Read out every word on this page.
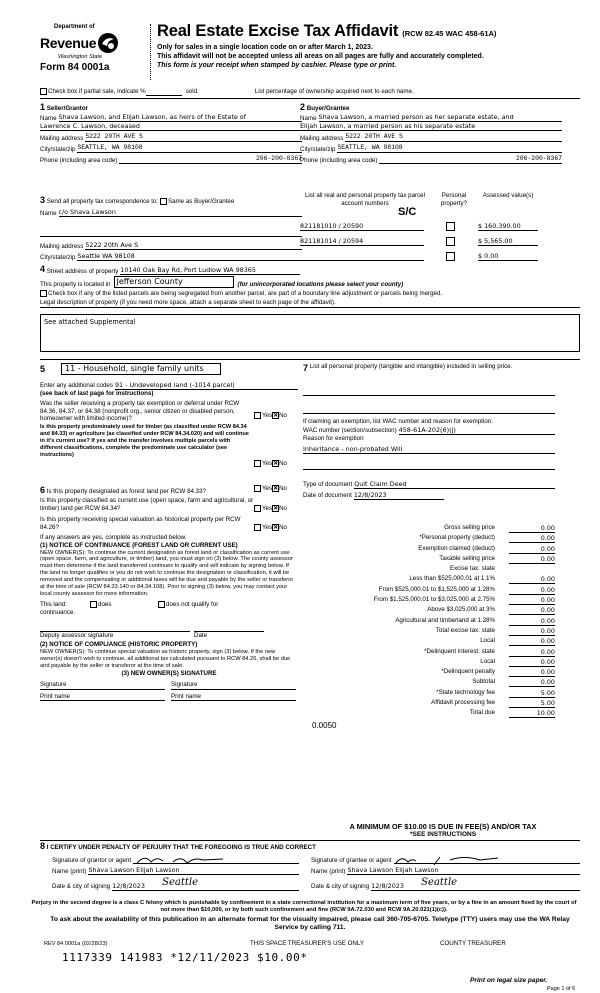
Department of
Revenue
Washington State
Form 84 0001a
Real Estate Excise Tax Affidavit (RCW 82.45 WAC 458-61A)
Only for sales in a single location code on or after March 1, 2023.
This affidavit will not be accepted unless all areas on all pages are fully and accurately completed.
This form is your receipt when stamped by cashier. Please type or print.
Check box if partial sale, indicate %	sold.	List percentage of ownership acquired next to each name.
1 Seller/Grantor
Name Shava Lawson, and Elijah Lawson, as heirs of the Estate of
Lawrence C. Lawson, deceased
Mailing address 5222 20TH AVE S
City/state/zip SEATTLE, WA 98108
Phone (including area code)	206-200-8367
2 Buyer/Grantee
Name Shava Lawson, a married person as her separate estate, and
Elijah Lawson, a married person as his separate estate
Mailing address 5222 20TH AVE S
City/state/zip SEATTLE, WA 98108
Phone (including area code)	206-200-8367
3 Send all property tax correspondence to: Same as Buyer/Grantee
Name c/o Shava Lawson
Mailing address 5222 20th Ave S
City/state/zip Seattle WA 98108
List all real and personal property tax parcel account numbers
Personal property?
Assessed value(s)
S/C
821181010 / 20590	$ 160,390.00
821181014 / 20594	$ 5,565.00
$ 0.00
4
Street address of property 10140 Oak Bay Rd, Port Ludlow WA 98365
This property is located in Jefferson County	(for unincorporated locations please select your county)
Check box if any of the listed parcels are being segregated from another parcel, are part of a boundary line adjustment or parcels being merged.
Legal description of property (if you need more space, attach a separate sheet to each page of the affidavit).
See attached Supplemental
5	11 - Household, single family units
Enter any additional codes 91 - Undeveloped land (-1014 parcel)
(see back of last page for instructions)
Was the seller receiving a property tax exemption or deferral under RCW 84.36, 84.37, or 84.38 (nonprofit org., senior citizen or disabled person, homeowner with limited income)?	Yes✕No
Is this property predominately used for timber (as classified under RCW 84.34 and 84.33) or agriculture (as classified under RCW 84.34.020) and will continue in it's current use? If yes and the transfer involves multiple parcels with different classifications, complete the predominate use calculator (see instructions)
Yes✕No
6 Is this property designated as forest land per RCW 84.33?	Yes✕No
Is this property classified as current use (open space, farm and agricultural, or timber) land per RCW 84.34?	Yes✕No
Is this property receiving special valuation as historical property per RCW 84.26?	Yes✕No
If any answers are yes, complete as instructed below.
(1) NOTICE OF CONTINUANCE (FOREST LAND OR CURRENT USE)
NEW OWNER(S): To continue the current designation as forest land or classification as current use (open space, farm, and agriculture, or timber) land, you must sign on (3) below. The county assessor must then determine if the land transferred continues to qualify and will indicate by signing below. If the land no longer qualifies or you do not wish to continue the designation or classification, it will be removed and the compensating or additional taxes will be due and payable by the seller or transferor at the time of sale (RCW 84.33.140 or 84.34.108). Prior to signing (3) below, you may contact your local county assessor for more information.
This land:	does	does not qualify for
continuance.
Deputy assessor signature	Date
(2) NOTICE OF COMPLIANCE (HISTORIC PROPERTY)
NEW OWNER(S): To continue special valuation as historic property, sign (3) below. If the new owner(s) doesn't wish to continue, all additional tax calculated pursuant to RCW 84.26, shall be due and payable by the seller or transferor at the time of sale.
(3) NEW OWNER(S) SIGNATURE
Signature	Signature
Print name	Print name
7
List all personal property (tangible and intangible) included in selling price.

If claiming an exemption, list WAC number and reason for exemption.
WAC number (section/subsection) 458-61A-202(6)(j)
Reason for exemption
Inheritance - non-probated Will
Type of document Quit Claim Deed
Date of document 12/8/2023
Gross selling price	0.00
*Personal property (deduct)	0.00
Exemption claimed (deduct)	0.00
Taxable selling price	0.00
Excise tax: state
Less than $525,000.01 at 1.1%	0.00
From $525,000.01 to $1,525,000 at 1.28%	0.00
From $1,525,000.01 to $3,025,000 at 2.75%	0.00
Above $3,025,000 at 3%	0.00
Agricultural and timberland at 1.28%	0.00
Total excise tax: state	0.00
Local	0.00
*Delinquent interest: state	0.00
Local	0.00
*Delinquent penalty	0.00
Subtotal	0.00
*State technology fee	5.00
Affidavit processing fee	5.00
Total due	10.00
0.0050
A MINIMUM OF $10.00 IS DUE IN FEE(S) AND/OR TAX
*SEE INSTRUCTIONS
8 I CERTIFY UNDER PENALTY OF PERJURY THAT THE FOREGOING IS TRUE AND CORRECT
Signature of grantor or agent
Name (print) Shava Lawson Elijah Lawson
Date & city of signing 12/8/2023	Seattle
Signature of grantee or agent
Name (print) Shava Lawson Elijah Lawson
Date & city of signing 12/8/2023	Seattle
Perjury in the second degree is a class C felony which is punishable by confinement in a state correctional institution for a maximum term of five years, or by a fine in an amount fixed by the court of not more than $10,000, or by both such confinement and fine (RCW 9A.72.030 and RCW 9A.20.021(1)(c)).
To ask about the availability of this publication in an alternate format for the visually impaired, please call 360-705-6705. Teletype (TTY) users may use the WA Relay Service by calling 711.
REV 84 0001a (02/28/23)	THIS SPACE TREASURER'S USE ONLY	COUNTY TREASURER
1117339 141983 *12/11/2023 $10.00*
Print on legal size paper.
Page 1 of 6
